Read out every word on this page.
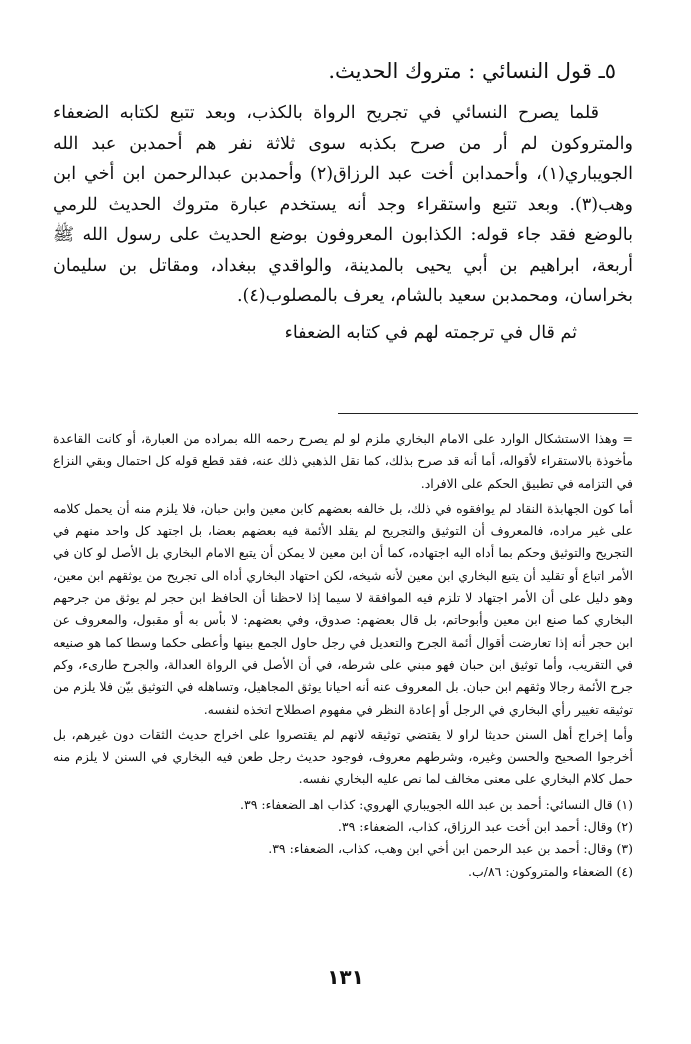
٥ـ قول النسائي : متروك الحديث.

قلما يصرح النسائي في تجريح الرواة بالكذب، وبعد تتبع لكتابه الضعفاء والمتروكون لم أر من صرح بكذبه سوى ثلاثة نفر هم أحمدبن عبد الله الجويباري(١)، وأحمدابن أخت عبد الرزاق(٢) وأحمدبن عبدالرحمن ابن أخي ابن وهب(٣). وبعد تتبع واستقراء وجد أنه يستخدم عبارة متروك الحديث للرمي بالوضع فقد جاء قوله: الكذابون المعروفون بوضع الحديث على رسول الله ﷺ أربعة، ابراهيم بن أبي يحيى بالمدينة، والواقدي ببغداد، ومقاتل بن سليمان بخراسان، ومحمدبن سعيد بالشام، يعرف بالمصلوب(٤).

ثم قال في ترجمته لهم في كتابه الضعفاء

= وهذا الاستشكال الوارد على الامام البخاري ملزم لو لم يصرح رحمه الله بمراده من العبارة، أو كانت القاعدة مأخوذة بالاستقراء لأقواله، أما أنه قد صرح بذلك، كما نقل الذهبي ذلك عنه، فقد قطع قوله كل احتمال وبقي النزاع في التزامه في تطبيق الحكم على الافراد.

أما كون الجهابذة النقاد لم يوافقوه في ذلك، بل خالفه بعضهم كابن معين وابن حبان، فلا يلزم منه أن يحمل كلامه على غير مراده، فالمعروف أن التوثيق والتجريح لم يقلد الأئمة فيه بعضهم بعضا، بل اجتهد كل واحد منهم في التجريح والتوثيق وحكم بما أداه اليه اجتهاده، كما أن ابن معين لا يمكن أن يتبع الامام البخاري بل الأصل لو كان في الأمر اتباع أو تقليد أن يتبع البخاري ابن معين لأنه شيخه، لكن احتهاد البخاري أداه الى تجريح من يوثقهم ابن معين، وهو دليل على أن الأمر اجتهاد لا تلزم فيه الموافقة لا سيما إذا لاحظنا أن الحافظ ابن حجر لم يوثق من جرحهم البخاري كما صنع ابن معين وأبوحاتم، بل قال بعضهم: صدوق، وفي بعضهم: لا بأس به أو مقبول، والمعروف عن ابن حجر أنه إذا تعارضت أقوال أئمة الجرح والتعديل في رجل حاول الجمع بينها وأعطى حكما وسطا كما هو صنيعه في التقريب، وأما توثيق ابن حبان فهو مبني على شرطه، في أن الأصل في الرواة العدالة، والجرح طارىء، وكم جرح الأئمة رجالا وثقهم ابن حبان. بل المعروف عنه أنه احيانا يوثق المجاهيل، وتساهله في التوثيق بيّن فلا يلزم من توثيقه تغيير رأي البخاري في الرجل أو إعادة النظر في مفهوم اصطلاح اتخذه لنفسه.

وأما إخراج أهل السنن حديثا لراو لا يقتضي توثيقه لانهم لم يقتصروا على اخراج حديث الثقات دون غيرهم، بل أخرجوا الصحيح والحسن وغيره، وشرطهم معروف، فوجود حديث رجل طعن فيه البخاري في السنن لا يلزم منه حمل كلام البخاري على معنى مخالف لما نص عليه البخاري نفسه.

(١) قال النسائي: أحمد بن عبد الله الجويباري الهروي: كذاب اهـ الضعفاء: ٣٩.

(٢) وقال: أحمد ابن أخت عبد الرزاق، كذاب، الضعفاء: ٣٩.

(٣) وقال: أحمد بن عبد الرحمن ابن أخي ابن وهب، كذاب، الضعفاء: ٣٩.

(٤) الضعفاء والمتروكون: ٨٦/ب.

١٣١
